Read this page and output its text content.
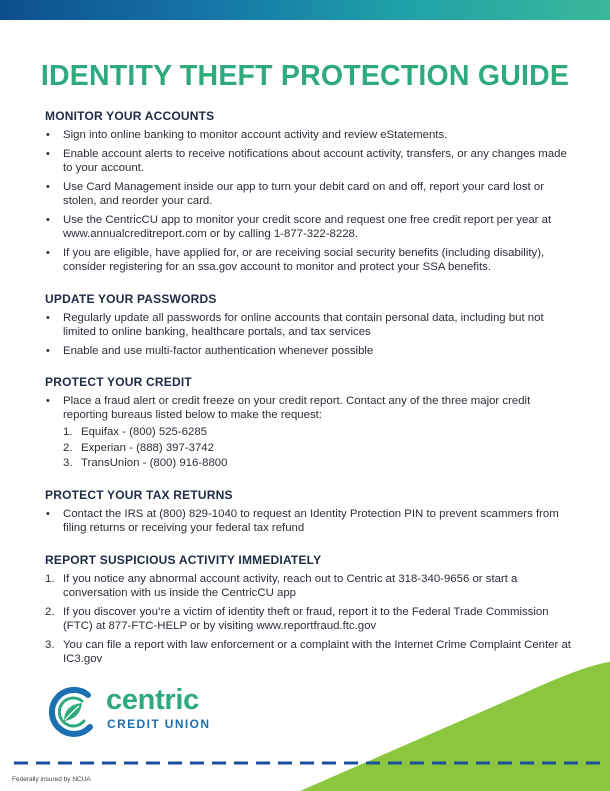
IDENTITY THEFT PROTECTION GUIDE
MONITOR YOUR ACCOUNTS
• Sign into online banking to monitor account activity and review eStatements.
• Enable account alerts to receive notifications about account activity, transfers, or any changes made to your account.
• Use Card Management inside our app to turn your debit card on and off, report your card lost or stolen, and reorder your card.
• Use the CentricCU app to monitor your credit score and request one free credit report per year at www.annualcreditreport.com or by calling 1-877-322-8228.
• If you are eligible, have applied for, or are receiving social security benefits (including disability), consider registering for an ssa.gov account to monitor and protect your SSA benefits.
UPDATE YOUR PASSWORDS
• Regularly update all passwords for online accounts that contain personal data, including but not limited to online banking, healthcare portals, and tax services
• Enable and use multi-factor authentication whenever possible
PROTECT YOUR CREDIT
• Place a fraud alert or credit freeze on your credit report. Contact any of the three major credit reporting bureaus listed below to make the request:
1. Equifax - (800) 525-6285
2. Experian - (888) 397-3742
3. TransUnion - (800) 916-8800
PROTECT YOUR TAX RETURNS
• Contact the IRS at (800) 829-1040 to request an Identity Protection PIN to prevent scammers from filing returns or receiving your federal tax refund
REPORT SUSPICIOUS ACTIVITY IMMEDIATELY
1. If you notice any abnormal account activity, reach out to Centric at 318-340-9656 or start a conversation with us inside the CentricCU app
2. If you discover you’re a victim of identity theft or fraud, report it to the Federal Trade Commission (FTC) at 877-FTC-HELP or by visiting www.reportfraud.ftc.gov
3. You can file a report with law enforcement or a complaint with the Internet Crime Complaint Center at IC3.gov
centric
CREDIT UNION
Federally insured by NCUA
